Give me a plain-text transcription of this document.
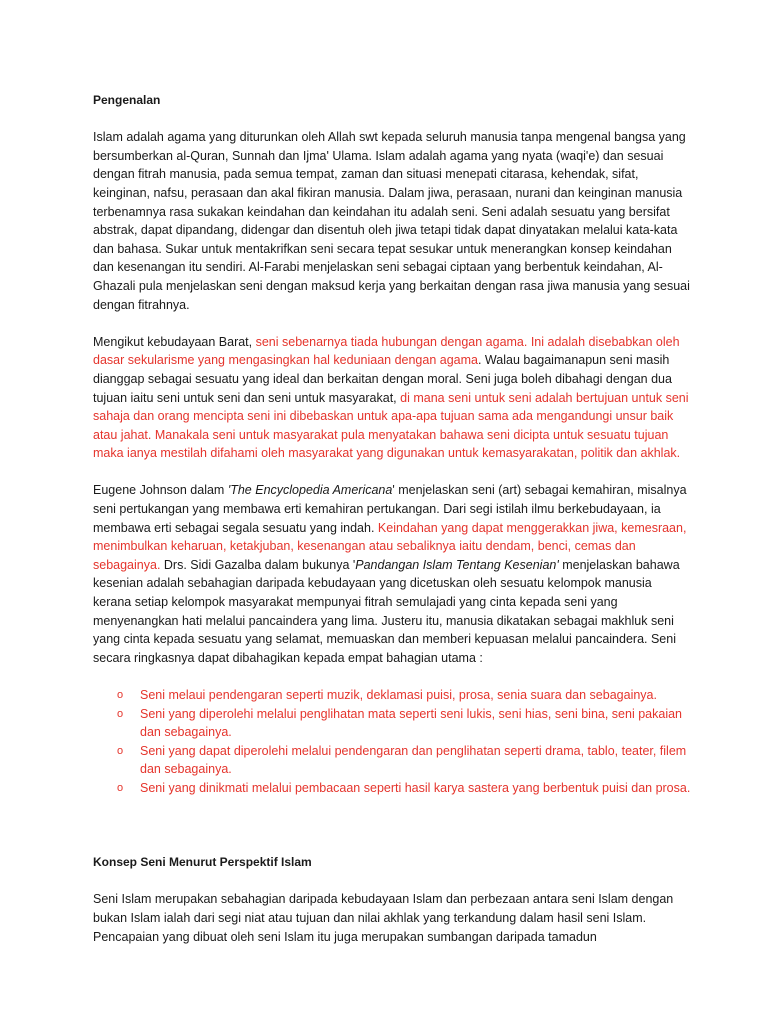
Pengenalan

Islam adalah agama yang diturunkan oleh Allah swt kepada seluruh manusia tanpa mengenal bangsa yang bersumberkan al-Quran, Sunnah dan Ijma' Ulama. Islam adalah agama yang nyata (waqi'e) dan sesuai dengan fitrah manusia, pada semua tempat, zaman dan situasi menepati citarasa, kehendak, sifat, keinginan, nafsu, perasaan dan akal fikiran manusia. Dalam jiwa, perasaan, nurani dan keinginan manusia terbenamnya rasa sukakan keindahan dan keindahan itu adalah seni. Seni adalah sesuatu yang bersifat abstrak, dapat dipandang, didengar dan disentuh oleh jiwa tetapi tidak dapat dinyatakan melalui kata-kata dan bahasa. Sukar untuk mentakrifkan seni secara tepat sesukar untuk menerangkan konsep keindahan dan kesenangan itu sendiri. Al-Farabi menjelaskan seni sebagai ciptaan yang berbentuk keindahan, Al-Ghazali pula menjelaskan seni dengan maksud kerja yang berkaitan dengan rasa jiwa manusia yang sesuai dengan fitrahnya.

Mengikut kebudayaan Barat, seni sebenarnya tiada hubungan dengan agama. Ini adalah disebabkan oleh dasar sekularisme yang mengasingkan hal keduniaan dengan agama. Walau bagaimanapun seni masih dianggap sebagai sesuatu yang ideal dan berkaitan dengan moral. Seni juga boleh dibahagi dengan dua tujuan iaitu seni untuk seni dan seni untuk masyarakat, di mana seni untuk seni adalah bertujuan untuk seni sahaja dan orang mencipta seni ini dibebaskan untuk apa-apa tujuan sama ada mengandungi unsur baik atau jahat. Manakala seni untuk masyarakat pula menyatakan bahawa seni dicipta untuk sesuatu tujuan maka ianya mestilah difahami oleh masyarakat yang digunakan untuk kemasyarakatan, politik dan akhlak.

Eugene Johnson dalam 'The Encyclopedia Americana' menjelaskan seni (art) sebagai kemahiran, misalnya seni pertukangan yang membawa erti kemahiran pertukangan. Dari segi istilah ilmu berkebudayaan, ia membawa erti sebagai segala sesuatu yang indah. Keindahan yang dapat menggerakkan jiwa, kemesraan, menimbulkan keharuan, ketakjuban, kesenangan atau sebaliknya iaitu dendam, benci, cemas dan sebagainya. Drs. Sidi Gazalba dalam bukunya 'Pandangan Islam Tentang Kesenian' menjelaskan bahawa kesenian adalah sebahagian daripada kebudayaan yang dicetuskan oleh sesuatu kelompok manusia kerana setiap kelompok masyarakat mempunyai fitrah semulajadi yang cinta kepada seni yang menyenangkan hati melalui pancaindera yang lima. Justeru itu, manusia dikatakan sebagai makhluk seni yang cinta kepada sesuatu yang selamat, memuaskan dan memberi kepuasan melalui pancaindera. Seni secara ringkasnya dapat dibahagikan kepada empat bahagian utama :

o Seni melaui pendengaran seperti muzik, deklamasi puisi, prosa, senia suara dan sebagainya.
o Seni yang diperolehi melalui penglihatan mata seperti seni lukis, seni hias, seni bina, seni pakaian dan sebagainya.
o Seni yang dapat diperolehi melalui pendengaran dan penglihatan seperti drama, tablo, teater, filem dan sebagainya.
o Seni yang dinikmati melalui pembacaan seperti hasil karya sastera yang berbentuk puisi dan prosa.

Konsep Seni Menurut Perspektif Islam

Seni Islam merupakan sebahagian daripada kebudayaan Islam dan perbezaan antara seni Islam dengan bukan Islam ialah dari segi niat atau tujuan dan nilai akhlak yang terkandung dalam hasil seni Islam. Pencapaian yang dibuat oleh seni Islam itu juga merupakan sumbangan daripada tamadun
